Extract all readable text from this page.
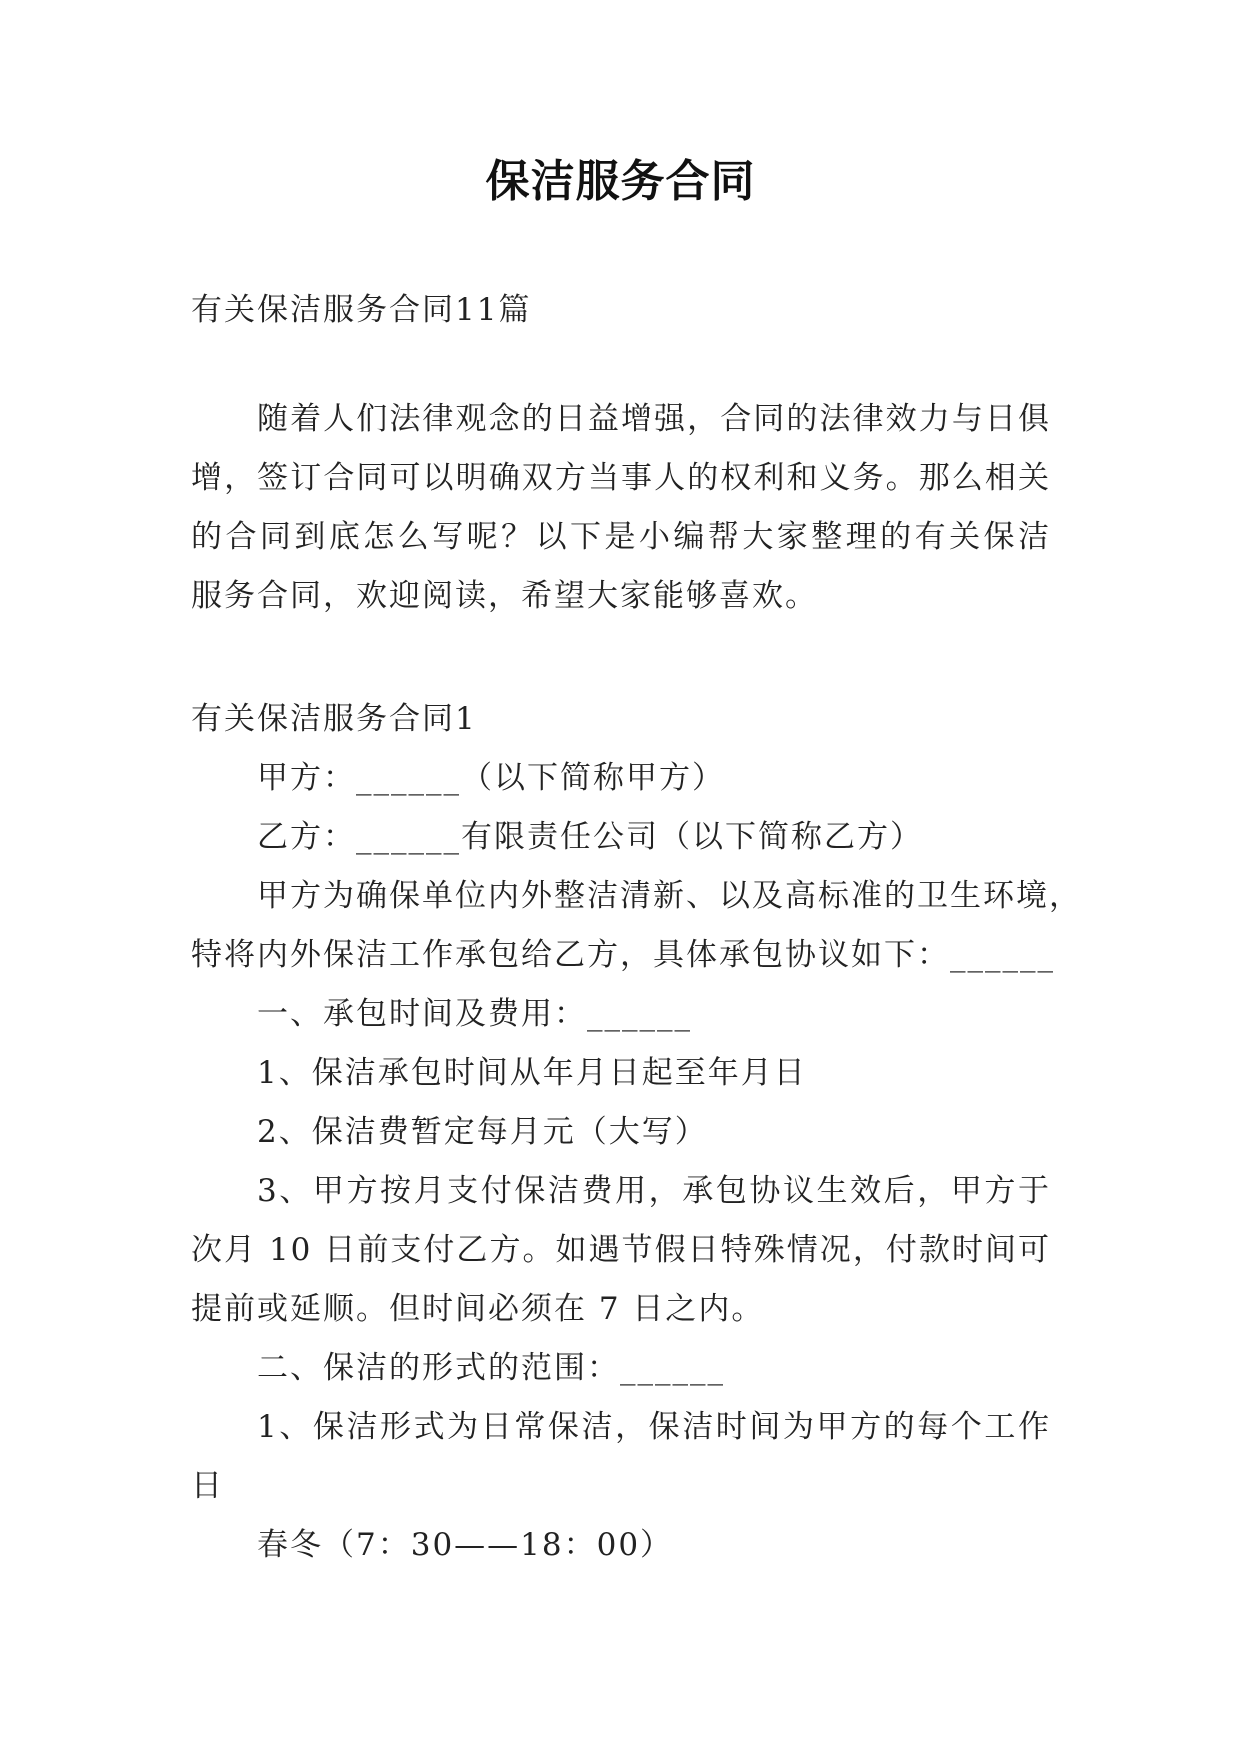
保洁服务合同
有关保洁服务合同11篇
随着人们法律观念的日益增强，合同的法律效力与日俱
增，签订合同可以明确双方当事人的权利和义务。那么相关
的合同到底怎么写呢？以下是小编帮大家整理的有关保洁
服务合同，欢迎阅读，希望大家能够喜欢。
有关保洁服务合同1
甲方：______（以下简称甲方）
乙方：______有限责任公司（以下简称乙方）
甲方为确保单位内外整洁清新、以及高标准的卫生环境，
特将内外保洁工作承包给乙方，具体承包协议如下：______
一、承包时间及费用：______
1、保洁承包时间从年月日起至年月日
2、保洁费暂定每月元（大写）
3、甲方按月支付保洁费用，承包协议生效后，甲方于
次月 10 日前支付乙方。如遇节假日特殊情况，付款时间可
提前或延顺。但时间必须在 7 日之内。
二、保洁的形式的范围：______
1、保洁形式为日常保洁，保洁时间为甲方的每个工作
日
春冬（7：30——18：00）
